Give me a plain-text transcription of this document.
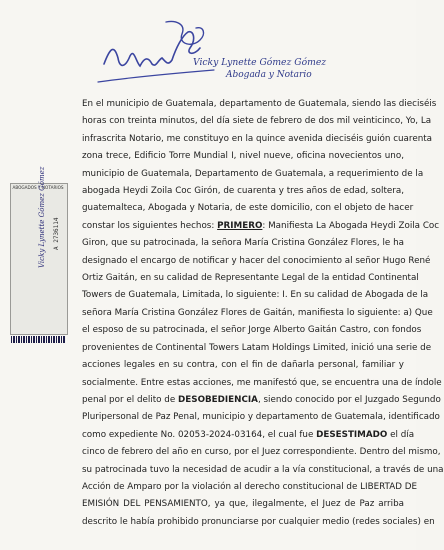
Vicky Lynette Gómez Gómez
Abogada y Notario
ABOGADOS Y NOTARIOS
A 2736114
Vicky Lynette Gómez Gómez
En el municipio de Guatemala, departamento de Guatemala, siendo las dieciséis
horas con treinta minutos, del día siete de febrero de dos mil veinticinco, Yo, La
infrascrita Notario, me constituyo en la quince avenida dieciséis guión cuarenta
zona trece, Edificio Torre Mundial I, nivel nueve, oficina novecientos uno,
municipio de Guatemala, Departamento de Guatemala, a requerimiento de la
abogada Heydi Zoila Coc Girón, de cuarenta y tres años de edad, soltera,
guatemalteca, Abogada y Notaria, de este domicilio, con el objeto de hacer
constar los siguientes hechos: PRIMERO: Manifiesta La Abogada Heydi Zoila Coc
Giron, que su patrocinada, la señora María Cristina González Flores, le ha
designado el encargo de notificar y hacer del conocimiento al señor Hugo René
Ortiz Gaitán, en su calidad de Representante Legal de la entidad Continental
Towers de Guatemala, Limitada, lo siguiente: I. En su calidad de Abogada de la
señora María Cristina González Flores de Gaitán, manifiesta lo siguiente: a) Que
el esposo de su patrocinada, el señor Jorge Alberto Gaitán Castro, con fondos
provenientes de Continental Towers Latam Holdings Limited, inició una serie de
acciones legales en su contra, con el fin de dañarla personal, familiar y
socialmente. Entre estas acciones, me manifestó que, se encuentra una de índole
penal por el delito de DESOBEDIENCIA, siendo conocido por el Juzgado Segundo
Pluripersonal de Paz Penal, municipio y departamento de Guatemala, identificado
como expediente No. 02053-2024-03164, el cual fue DESESTIMADO el día
cinco de febrero del año en curso, por el Juez correspondiente. Dentro del mismo,
su patrocinada tuvo la necesidad de acudir a la vía constitucional, a través de una
Acción de Amparo por la violación al derecho constitucional de LIBERTAD DE
EMISIÓN DEL PENSAMIENTO, ya que, ilegalmente, el Juez de Paz arriba
descrito le había prohibido pronunciarse por cualquier medio (redes sociales) en
